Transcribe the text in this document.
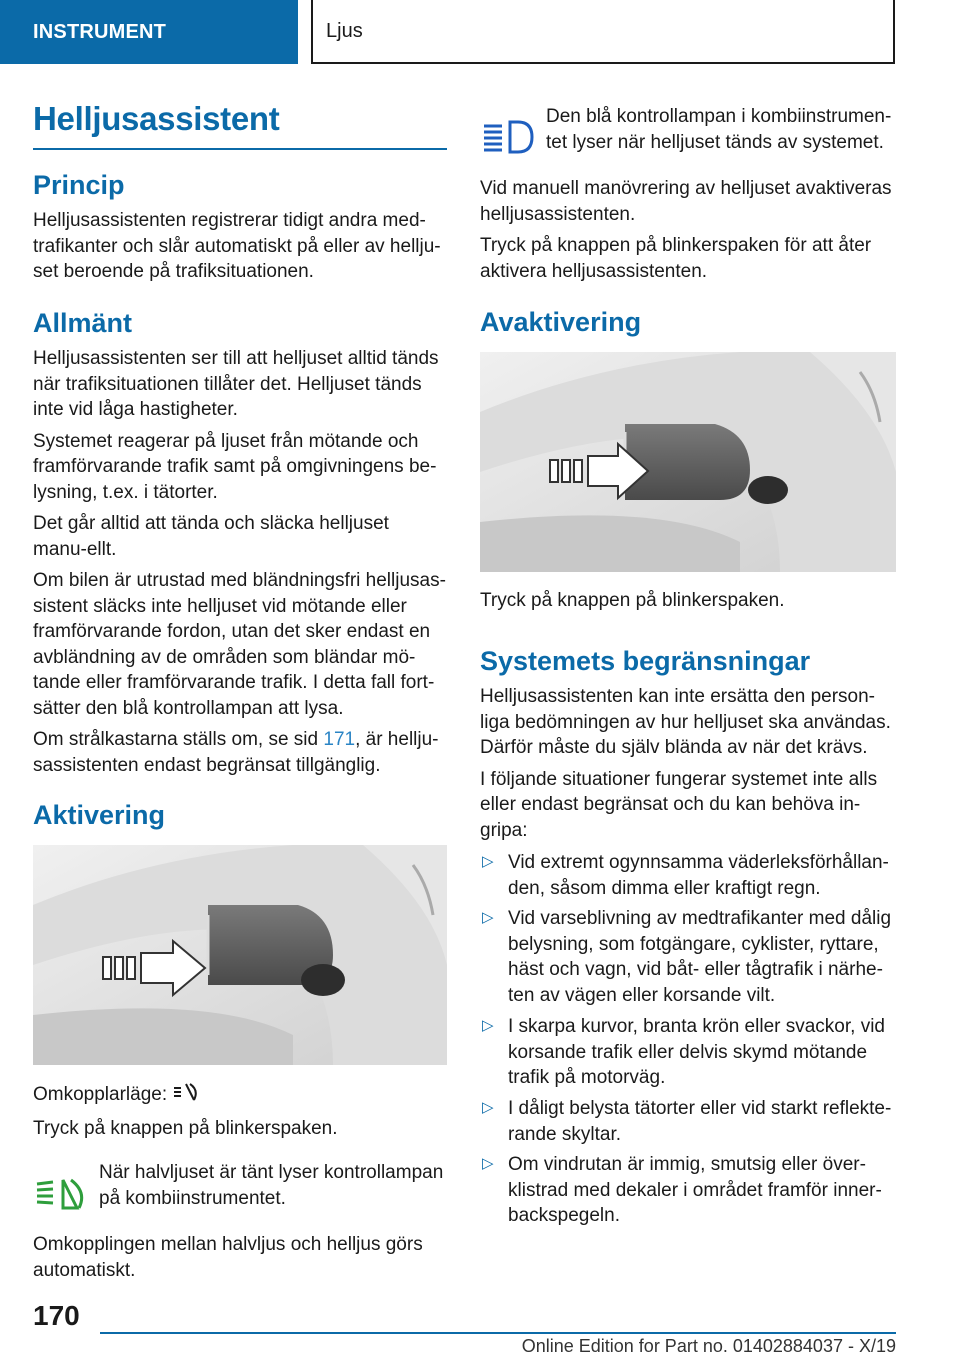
INSTRUMENT	Ljus
Helljusassistent
Princip

Helljusassistenten registrerar tidigt andra med-trafikanter och slår automatiskt på eller av hellju-set beroende på trafiksituationen.

Allmänt

Helljusassistenten ser till att helljuset alltid tänds när trafiksituationen tillåter det. Helljuset tänds inte vid låga hastigheter.

Systemet reagerar på ljuset från mötande och framförvarande trafik samt på omgivningens be-lysning, t.ex. i tätorter.

Det går alltid att tända och släcka helljuset manu-ellt.

Om bilen är utrustad med bländningsfri helljusas-sistent släcks inte helljuset vid mötande eller framförvarande fordon, utan det sker endast en avbländning av de områden som bländar mö-tande eller framförvarande trafik. I detta fall fort-sätter den blå kontrollampan att lysa.

Om strålkastarna ställs om, se sid 171, är hellju-sassistenten endast begränsat tillgänglig.

Aktivering

Omkopplarläge:

Tryck på knappen på blinkerspaken.

När halvljuset är tänt lyser kontrollampan på kombiinstrumentet.

Omkopplingen mellan halvljus och helljus görs automatiskt.

Den blå kontrollampan i kombiinstrumen-tet lyser när helljuset tänds av systemet.

Vid manuell manövrering av helljuset avaktiveras helljusassistenten.

Tryck på knappen på blinkerspaken för att åter aktivera helljusassistenten.

Avaktivering

Tryck på knappen på blinkerspaken.

Systemets begränsningar

Helljusassistenten kan inte ersätta den person-liga bedömningen av hur helljuset ska användas. Därför måste du själv blända av när det krävs.

I följande situationer fungerar systemet inte alls eller endast begränsat och du kan behöva in-gripa:

▷ Vid extremt ogynnsamma väderleksförhållan-den, såsom dimma eller kraftigt regn.

▷ Vid varseblivning av medtrafikanter med dålig belysning, som fotgängare, cyklister, ryttare, häst och vagn, vid båt- eller tågtrafik i närhe-ten av vägen eller korsande vilt.

▷ I skarpa kurvor, branta krön eller svackor, vid korsande trafik eller delvis skymd mötande trafik på motorväg.

▷ I dåligt belysta tätorter eller vid starkt reflekte-rande skyltar.

▷ Om vindrutan är immig, smutsig eller över-klistrad med dekaler i området framför inner-backspegeln.

170
Online Edition for Part no. 01402884037 - X/19
